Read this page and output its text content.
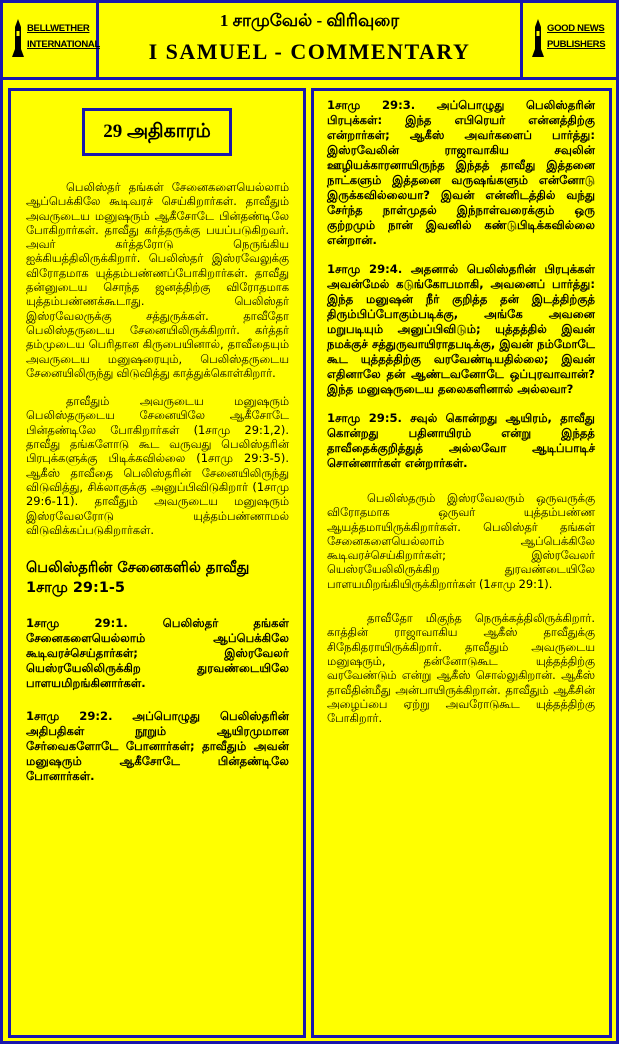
BELLWETHER
INTERNATIONAL
1 சாமுவேல் - விரிவுரை
I SAMUEL - COMMENTARY
GOOD NEWS
PUBLISHERS
29 அதிகாரம்

பெலிஸ்தர் தங்கள் சேனைகளையெல்லாம் ஆப்பெக்கிலே கூடிவரச் செய்கிறார்கள். தாவீதும் அவருடைய மனுஷரும் ஆகீசோடே பின்தண்டிலே போகிறார்கள். தாவீது கர்த்தருக்கு பயப்படுகிறவர். அவர் கர்த்தரோடு நெருங்கிய ஐக்கியத்திலிருக்கிறார். பெலிஸ்தர் இஸ்ரவேலுக்கு விரோதமாக யுத்தம்பண்ணப்போகிறார்கள். தாவீது தன்னுடைய சொந்த ஜனத்திற்கு விரோதமாக யுத்தம்பண்ணக்கூடாது. பெலிஸ்தர் இஸ்ரவேலருக்கு சத்துருக்கள். தாவீதோ பெலிஸ்தருடைய சேனையிலிருக்கிறார். கர்த்தர் தம்முடைய பெரிதான கிருபையினால், தாவீதையும் அவருடைய மனுஷரையும், பெலிஸ்தருடைய சேனையிலிருந்து விடுவித்து காத்துக்கொள்கிறார்.

தாவீதும் அவருடைய மனுஷரும் பெலிஸ்தருடைய சேனையிலே ஆகீசோடே பின்தண்டிலே போகிறார்கள் (1சாமு 29:1,2). தாவீது தங்களோடு கூட வருவது பெலிஸ்தரின் பிரபுக்களுக்கு பிடிக்கவில்லை (1சாமு 29:3-5). ஆகீஸ் தாவீதை பெலிஸ்தரின் சேனையிலிருந்து விடுவித்து, சிக்லாகுக்கு அனுப்பிவிடுகிறார் (1சாமு 29:6-11). தாவீதும் அவருடைய மனுஷரும் இஸ்ரவேலரோடு யுத்தம்பண்ணாமல் விடுவிக்கப்படுகிறார்கள்.

பெலிஸ்தரின் சேனைகளில் தாவீது 1சாமு 29:1-5

1சாமு 29:1. பெலிஸ்தர் தங்கள் சேனைகளையெல்லாம் ஆப்பெக்கிலே கூடிவரச்செய்தார்கள்; இஸ்ரவேலர் யெஸ்ரயேலிலிருக்கிற துரவண்டையிலே பாளயமிறங்கினார்கள்.

1சாமு 29:2. அப்பொழுது பெலிஸ்தரின் அதிபதிகள் நூறும் ஆயிரமுமான சேர்வைகளோடே போனார்கள்; தாவீதும் அவன் மனுஷரும் ஆகீசோடே பின்தண்டிலே போனார்கள்.

1சாமு 29:3. அப்பொழுது பெலிஸ்தரின் பிரபுக்கள்: இந்த எபிரெயர் என்னத்திற்கு என்றார்கள்; ஆகீஸ் அவர்களைப் பார்த்து: இஸ்ரவேலின் ராஜாவாகிய சவுலின் ஊழியக்காரனாயிருந்த இந்தத் தாவீது இத்தனை நாட்களும் இத்தனை வருஷங்களும் என்னோடு இருக்கவில்லையா? இவன் என்னிடத்தில் வந்து சேர்ந்த நாள்முதல் இந்நாள்வரைக்கும் ஒரு குற்றமும் நான் இவனில் கண்டுபிடிக்கவில்லை என்றான்.

1சாமு 29:4. அதனால் பெலிஸ்தரின் பிரபுக்கள் அவன்மேல் கடுங்கோபமாகி, அவனைப் பார்த்து: இந்த மனுஷன் நீர் குறித்த தன் இடத்திற்குத் திரும்பிப்போகும்படிக்கு, அங்கே அவனை மறுபடியும் அனுப்பிவிடும்; யுத்தத்தில் இவன் நமக்குச் சத்துருவாயிராதபடிக்கு, இவன் நம்மோடே கூட யுத்தத்திற்கு வரவேண்டியதில்லை; இவன் எதினாலே தன் ஆண்டவனோடே ஒப்புரவாவான்? இந்த மனுஷருடைய தலைகளினால் அல்லவா?

1சாமு 29:5. சவுல் கொன்றது ஆயிரம், தாவீது கொன்றது பதினாயிரம் என்று இந்தத் தாவீதைக்குறித்துத் அல்லவோ ஆடிப்பாடிச் சொன்னார்கள் என்றார்கள்.

பெலிஸ்தரும் இஸ்ரவேலரும் ஒருவருக்கு விரோதமாக ஒருவர் யுத்தம்பண்ண ஆயத்தமாயிருக்கிறார்கள். பெலிஸ்தர் தங்கள் சேனைகளையெல்லாம் ஆப்பெக்கிலே கூடிவரச்செய்கிறார்கள்; இஸ்ரவேலர் யெஸ்ரயேலிலிருக்கிற துரவண்டையிலே பாளயமிறங்கியிருக்கிறார்கள் (1சாமு 29:1).

தாவீதோ மிகுந்த நெருக்கத்திலிருக்கிறார். காத்தின் ராஜாவாகிய ஆகீஸ் தாவீதுக்கு சிநேகிதராயிருக்கிறார். தாவீதும் அவருடைய மனுஷரும், தன்னோடுகூட யுத்தத்திற்கு வரவேண்டும் என்று ஆகீஸ் சொல்லுகிறான். ஆகீஸ் தாவீதின்மீது அன்பாயிருக்கிறான். தாவீதும் ஆகீசின் அழைப்பை ஏற்று அவரோடுகூட யுத்தத்திற்கு போகிறார்.
